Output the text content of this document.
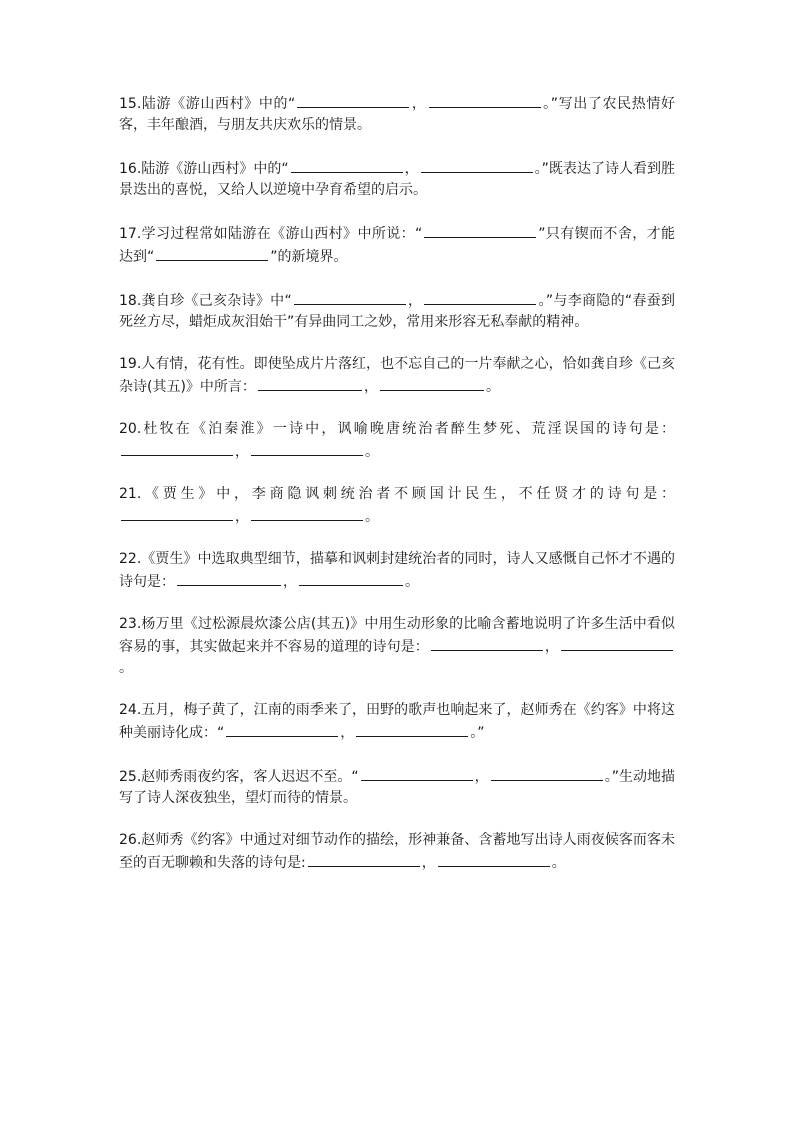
15.陆游《游山西村》中的“	，	。”写出了农民热情好客，丰年酿酒，与朋友共庆欢乐的情景。

16.陆游《游山西村》中的“	，	。”既表达了诗人看到胜景迭出的喜悦，又给人以逆境中孕育希望的启示。

17.学习过程常如陆游在《游山西村》中所说：“	”只有锲而不舍，才能达到“	”的新境界。

18.龚自珍《己亥杂诗》中“	，	。”与李商隐的“春蚕到死丝方尽，蜡炬成灰泪始干”有异曲同工之妙，常用来形容无私奉献的精神。

19.人有情，花有性。即使坠成片片落红，也不忘自己的一片奉献之心，恰如龚自珍《己亥杂诗(其五)》中所言：	，	。

20.杜牧在《泊秦淮》一诗中，讽喻晚唐统治者醉生梦死、荒淫误国的诗句是：，	。

21.《贾生》中，李商隐讽刺统治者不顾国计民生，不任贤才的诗句是：，	。

22.《贾生》中选取典型细节，描摹和讽刺封建统治者的同时，诗人又感慨自己怀才不遇的诗句是：	，	。

23.杨万里《过松源晨炊漆公店(其五)》中用生动形象的比喻含蓄地说明了许多生活中看似容易的事，其实做起来并不容易的道理的诗句是：	，。

24.五月，梅子黄了，江南的雨季来了，田野的歌声也响起来了，赵师秀在《约客》中将这种美丽诗化成：“	，	。”

25.赵师秀雨夜约客，客人迟迟不至。“	，	。”生动地描写了诗人深夜独坐，望灯而待的情景。

26.赵师秀《约客》中通过对细节动作的描绘，形神兼备、含蓄地写出诗人雨夜候客而客未至的百无聊赖和失落的诗句是:	，	。
